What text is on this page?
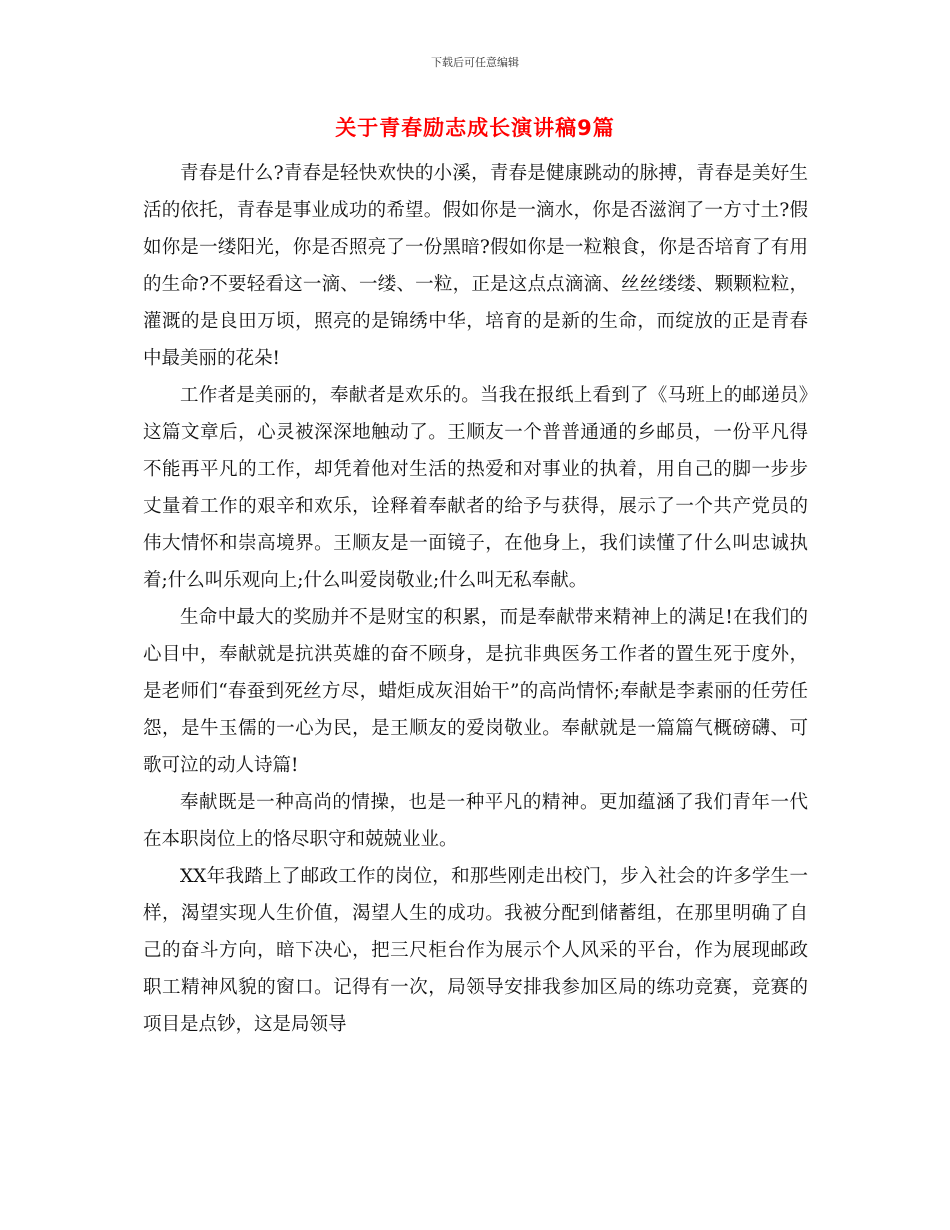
下载后可任意编辑
关于青春励志成长演讲稿9篇

青春是什么?青春是轻快欢快的小溪，青春是健康跳动的脉搏，青春是美好生活的依托，青春是事业成功的希望。假如你是一滴水，你是否滋润了一方寸土?假如你是一缕阳光，你是否照亮了一份黑暗?假如你是一粒粮食，你是否培育了有用的生命?不要轻看这一滴、一缕、一粒，正是这点点滴滴、丝丝缕缕、颗颗粒粒，灌溉的是良田万顷，照亮的是锦绣中华，培育的是新的生命，而绽放的正是青春中最美丽的花朵!

工作者是美丽的，奉献者是欢乐的。当我在报纸上看到了《马班上的邮递员》这篇文章后，心灵被深深地触动了。王顺友一个普普通通的乡邮员，一份平凡得不能再平凡的工作，却凭着他对生活的热爱和对事业的执着，用自己的脚一步步丈量着工作的艰辛和欢乐，诠释着奉献者的给予与获得，展示了一个共产党员的伟大情怀和崇高境界。王顺友是一面镜子，在他身上，我们读懂了什么叫忠诚执着;什么叫乐观向上;什么叫爱岗敬业;什么叫无私奉献。

生命中最大的奖励并不是财宝的积累，而是奉献带来精神上的满足!在我们的心目中，奉献就是抗洪英雄的奋不顾身，是抗非典医务工作者的置生死于度外，是老师们“春蚕到死丝方尽，蜡炬成灰泪始干”的高尚情怀;奉献是李素丽的任劳任怨，是牛玉儒的一心为民，是王顺友的爱岗敬业。奉献就是一篇篇气概磅礴、可歌可泣的动人诗篇!

奉献既是一种高尚的情操，也是一种平凡的精神。更加蕴涵了我们青年一代在本职岗位上的恪尽职守和兢兢业业。

XX年我踏上了邮政工作的岗位，和那些刚走出校门，步入社会的许多学生一样，渴望实现人生价值，渴望人生的成功。我被分配到储蓄组，在那里明确了自己的奋斗方向，暗下决心，把三尺柜台作为展示个人风采的平台，作为展现邮政职工精神风貌的窗口。记得有一次，局领导安排我参加区局的练功竞赛，竞赛的项目是点钞，这是局领导
